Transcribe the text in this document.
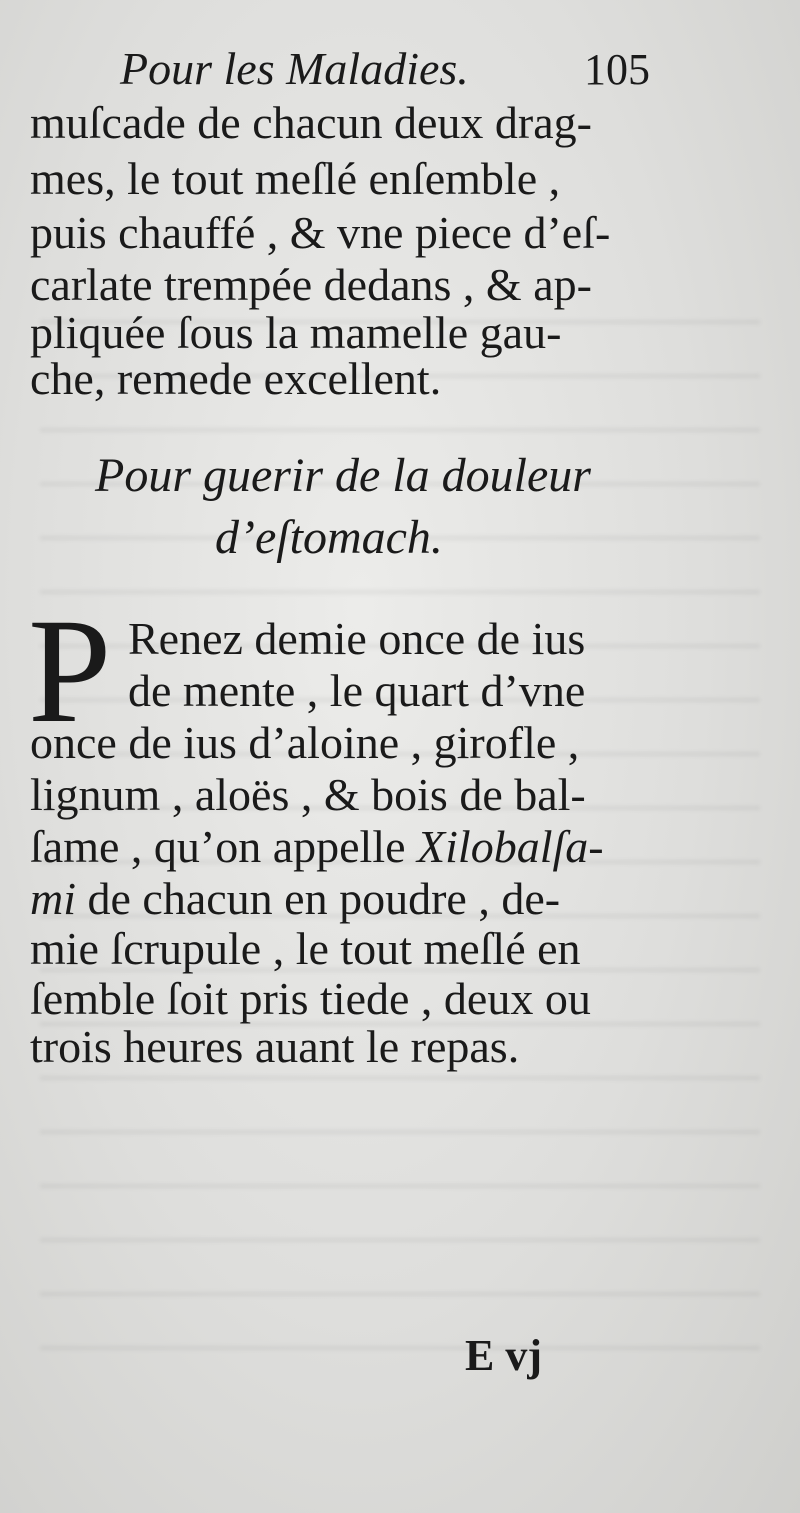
Pour les Maladies.	105
muſcade de chacun deux drag-
mes, le tout meſlé enſemble ,
puis chauffé , & vne piece d’eſ-
carlate trempée dedans , & ap-
pliquée ſous la mamelle gau-
che, remede excellent.
Pour guerir de la douleur
d’eſtomach.
P Renez demie once de ius
de mente , le quart d’vne
once de ius d’aloine , girofle ,
lignum , aloës , & bois de bal-
ſame , qu’on appelle Xilobalſa-
mi de chacun en poudre , de-
mie ſcrupule , le tout meſlé en
ſemble ſoit pris tiede , deux ou
trois heures auant le repas.
E vj
